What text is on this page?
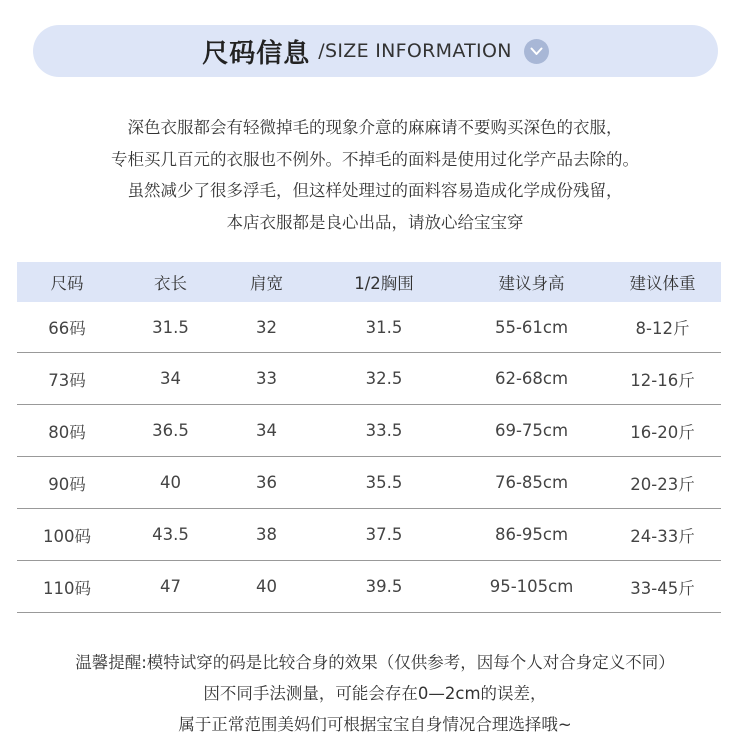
尺码信息 /SIZE INFORMATION
深色衣服都会有轻微掉毛的现象介意的麻麻请不要购买深色的衣服，
专柜买几百元的衣服也不例外。不掉毛的面料是使用过化学产品去除的。
虽然减少了很多浮毛，但这样处理过的面料容易造成化学成份残留，
本店衣服都是良心出品，请放心给宝宝穿
尺码	衣长	肩宽	1/2胸围	建议身高	建议体重
66码	31.5	32	31.5	55-61cm	8-12斤
73码	34	33	32.5	62-68cm	12-16斤
80码	36.5	34	33.5	69-75cm	16-20斤
90码	40	36	35.5	76-85cm	20-23斤
100码	43.5	38	37.5	86-95cm	24-33斤
110码	47	40	39.5	95-105cm	33-45斤
温馨提醒:模特试穿的码是比较合身的效果（仅供参考，因每个人对合身定义不同）
因不同手法测量，可能会存在0—2cm的误差，
属于正常范围美妈们可根据宝宝自身情况合理选择哦~
